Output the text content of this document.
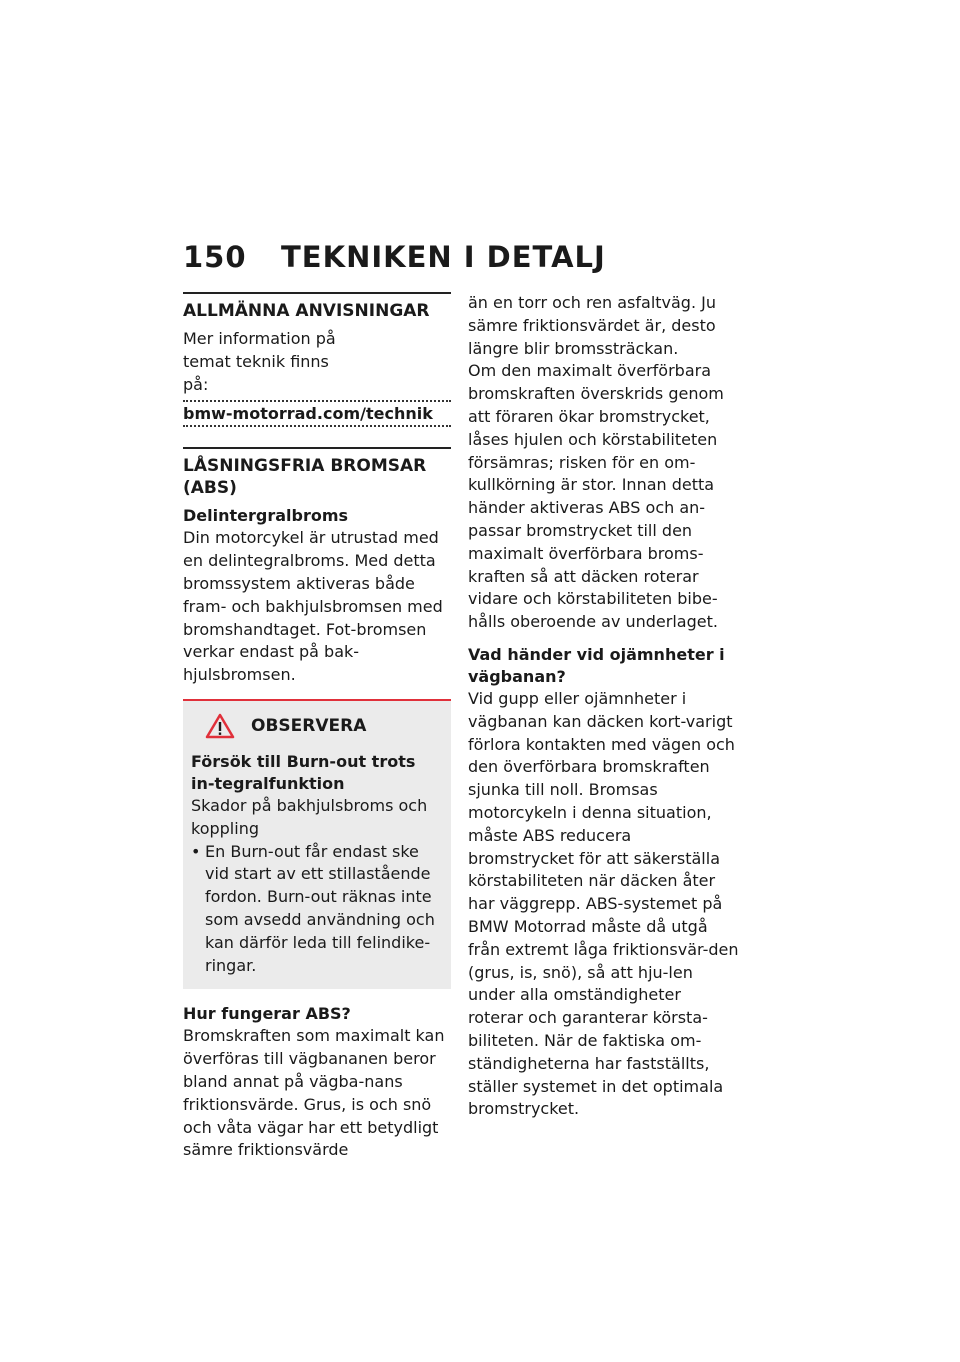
150 TEKNIKEN I DETALJ
ALLMÄNNA ANVISNINGAR

Mer information på temat teknik finns på:

bmw-motorrad.com/technik
LÅSNINGSFRIA BROMSAR (ABS)
Delintergralbroms

Din motorcykel är utrustad med en delintegralbroms. Med detta bromssystem aktiveras både fram- och bakhjulsbromsen med bromshandtaget. Fot-bromsen verkar endast på bak-hjulsbromsen.

OBSERVERA
Försök till Burn-out trots in-tegralfunktion

Skador på bakhjulsbroms och koppling

• En Burn-out får endast ske vid start av ett stillastående fordon. Burn-out räknas inte som avsedd användning och kan därför leda till felindike-ringar.
Hur fungerar ABS?

Bromskraften som maximalt kan överföras till vägbananen beror bland annat på vägba-nans friktionsvärde. Grus, is och snö och våta vägar har ett betydligt sämre friktionsvärde

än en torr och ren asfaltväg. Ju sämre friktionsvärdet är, desto längre blir bromssträckan.

Om den maximalt överförbara bromskraften överskrids genom att föraren ökar bromstrycket, låses hjulen och körstabiliteten försämras; risken för en om-kullkörning är stor. Innan detta händer aktiveras ABS och an-passar bromstrycket till den maximalt överförbara broms-kraften så att däcken roterar vidare och körstabiliteten bibe-hålls oberoende av underlaget.

Vad händer vid ojämnheter i vägbanan?

Vid gupp eller ojämnheter i vägbanan kan däcken kort-varigt förlora kontakten med vägen och den överförbara bromskraften sjunka till noll. Bromsas motorcykeln i denna situation, måste ABS reducera bromstrycket för att säkerställa körstabiliteten när däcken åter har väggrepp. ABS-systemet på BMW Motorrad måste då utgå från extremt låga friktionsvär-den (grus, is, snö), så att hju-len under alla omständigheter roterar och garanterar körsta-biliteten. När de faktiska om-ständigheterna har fastställts, ställer systemet in det optimala bromstrycket.
